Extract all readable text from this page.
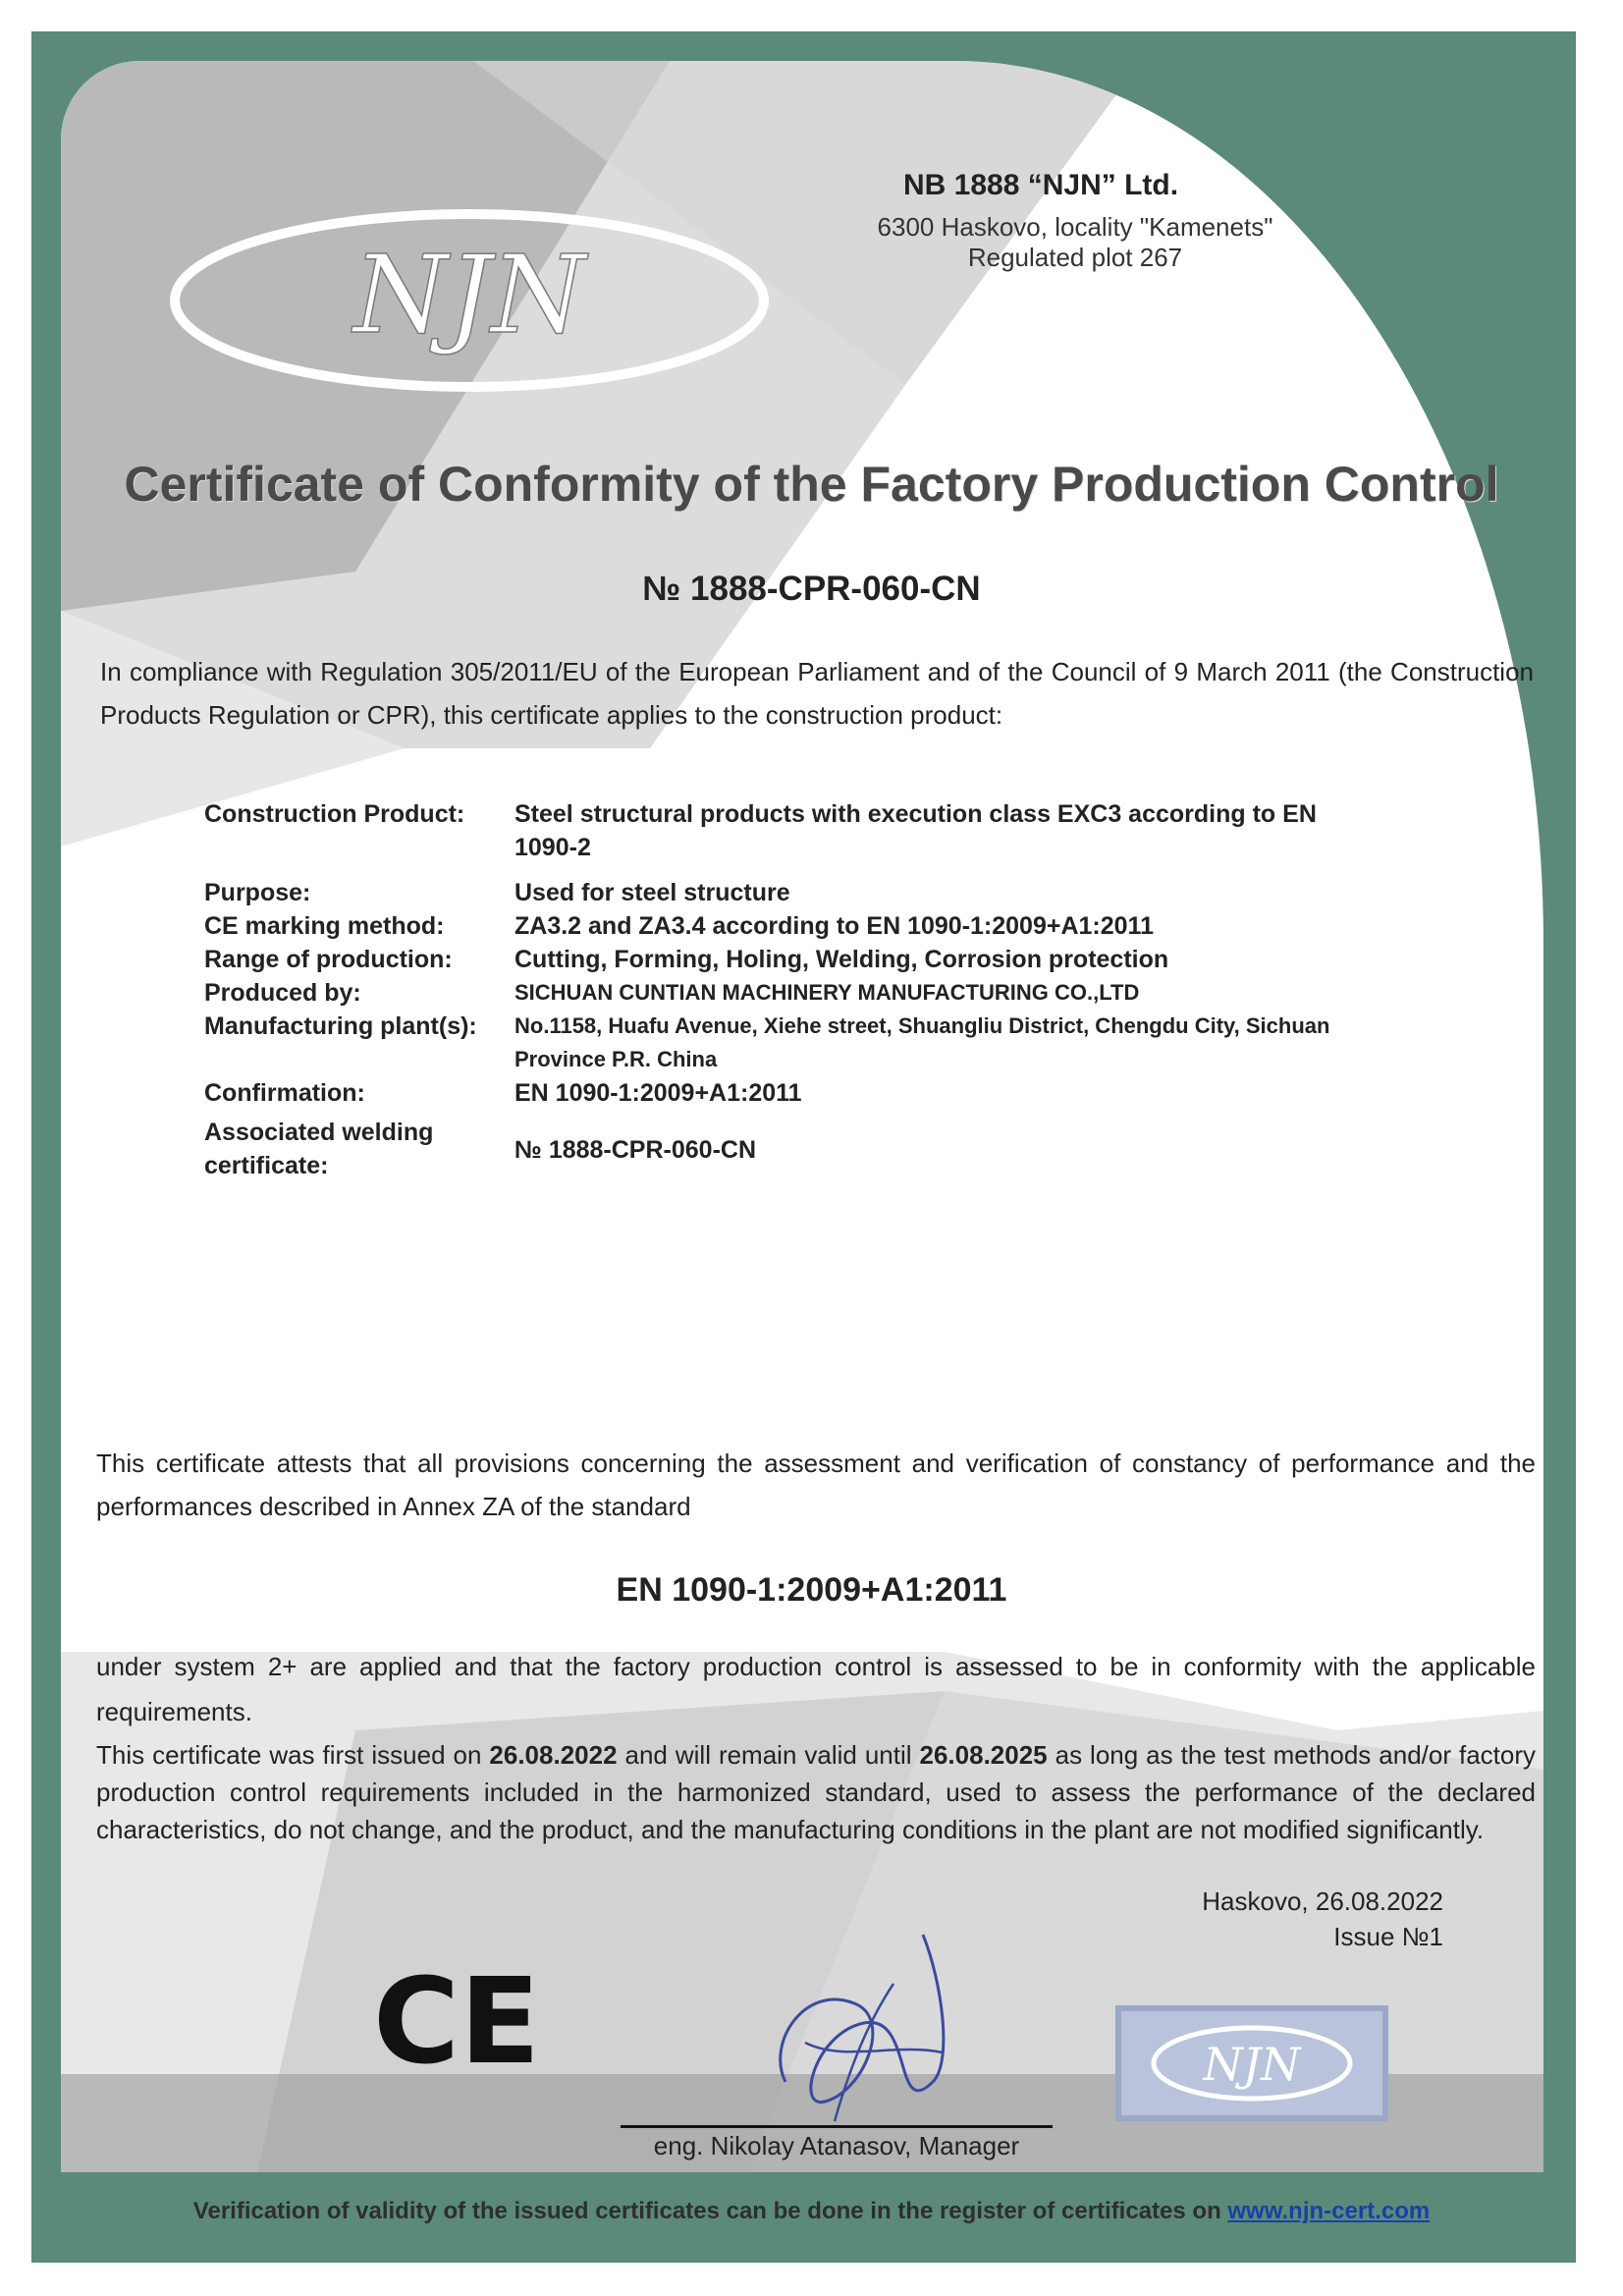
NJN
NB 1888 “NJN” Ltd.
6300 Haskovo, locality "Kamenets"
Regulated plot 267
Certificate of Conformity of the Factory Production Control
№ 1888-CPR-060-CN
In compliance with Regulation 305/2011/EU of the European Parliament and of the Council of 9 March 2011 (the Construction Products Regulation or CPR), this certificate applies to the construction product:
Construction Product:	Steel structural products with execution class EXC3 according to EN 1090-2
Purpose:	Used for steel structure
CE marking method:	ZA3.2 and ZA3.4 according to EN 1090-1:2009+A1:2011
Range of production:	Cutting, Forming, Holing, Welding, Corrosion protection
Produced by:	SICHUAN CUNTIAN MACHINERY MANUFACTURING CO.,LTD
Manufacturing plant(s):	No.1158, Huafu Avenue, Xiehe street, Shuangliu District, Chengdu City, Sichuan Province P.R. China
Confirmation:	EN 1090-1:2009+A1:2011
Associated welding certificate:
№ 1888-CPR-060-CN
This certificate attests that all provisions concerning the assessment and verification of constancy of performance and the performances described in Annex ZA of the standard
EN 1090-1:2009+A1:2011
under system 2+ are applied and that the factory production control is assessed to be in conformity with the applicable requirements.
This certificate was first issued on 26.08.2022 and will remain valid until 26.08.2025 as long as the test methods and/or factory production control requirements included in the harmonized standard, used to assess the performance of the declared characteristics, do not change, and the product, and the manufacturing conditions in the plant are not modified significantly.
Haskovo, 26.08.2022
Issue №1
CE
eng. Nikolay Atanasov, Manager
NJN
Verification of validity of the issued certificates can be done in the register of certificates on www.njn-cert.com
